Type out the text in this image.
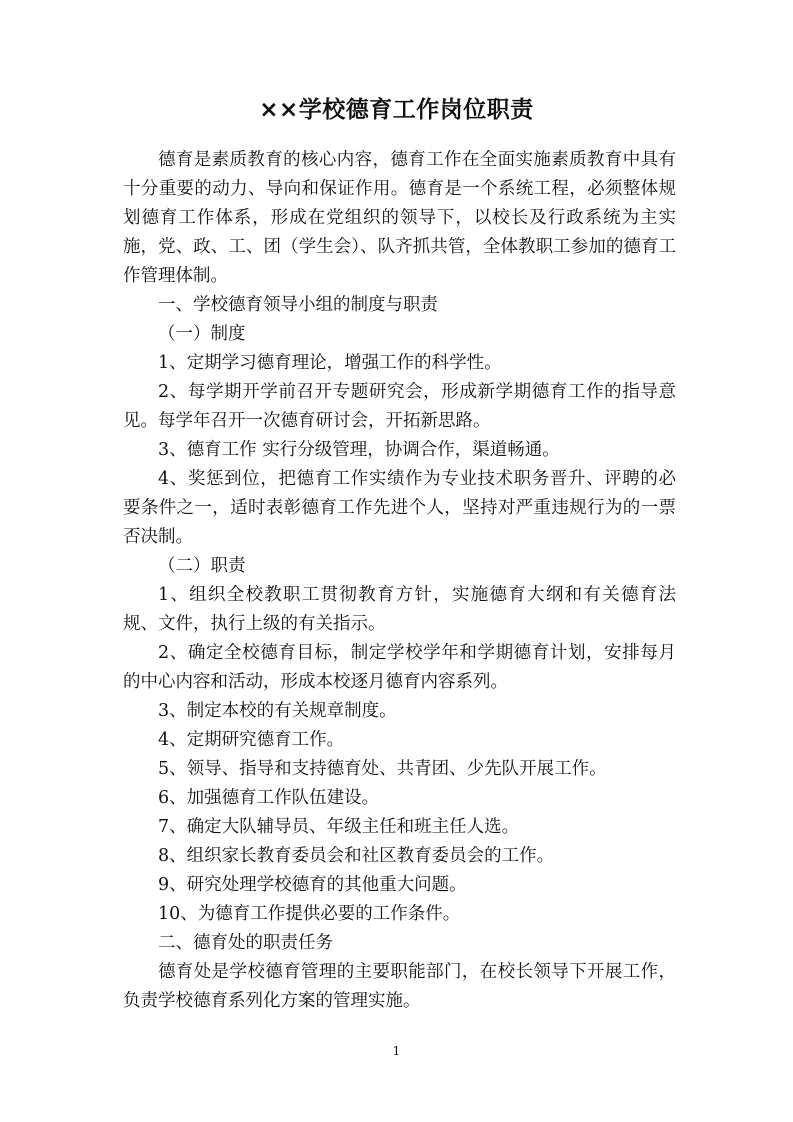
××学校德育工作岗位职责

德育是素质教育的核心内容，德育工作在全面实施素质教育中具有十分重要的动力、导向和保证作用。德育是一个系统工程，必须整体规划德育工作体系，形成在党组织的领导下，以校长及行政系统为主实施，党、政、工、团（学生会）、队齐抓共管，全体教职工参加的德育工作管理体制。

一、学校德育领导小组的制度与职责

（一）制度

1、定期学习德育理论，增强工作的科学性。

2、每学期开学前召开专题研究会，形成新学期德育工作的指导意见。每学年召开一次德育研讨会，开拓新思路。

3、德育工作 实行分级管理，协调合作，渠道畅通。

4、奖惩到位，把德育工作实绩作为专业技术职务晋升、评聘的必要条件之一，适时表彰德育工作先进个人，坚持对严重违规行为的一票否决制。

（二）职责

1、组织全校教职工贯彻教育方针，实施德育大纲和有关德育法规、文件，执行上级的有关指示。

2、确定全校德育目标，制定学校学年和学期德育计划，安排每月的中心内容和活动，形成本校逐月德育内容系列。

3、制定本校的有关规章制度。

4、定期研究德育工作。

5、领导、指导和支持德育处、共青团、少先队开展工作。

6、加强德育工作队伍建设。

7、确定大队辅导员、年级主任和班主任人选。

8、组织家长教育委员会和社区教育委员会的工作。

9、研究处理学校德育的其他重大问题。

10、为德育工作提供必要的工作条件。

二、德育处的职责任务

德育处是学校德育管理的主要职能部门，在校长领导下开展工作，负责学校德育系列化方案的管理实施。

1
